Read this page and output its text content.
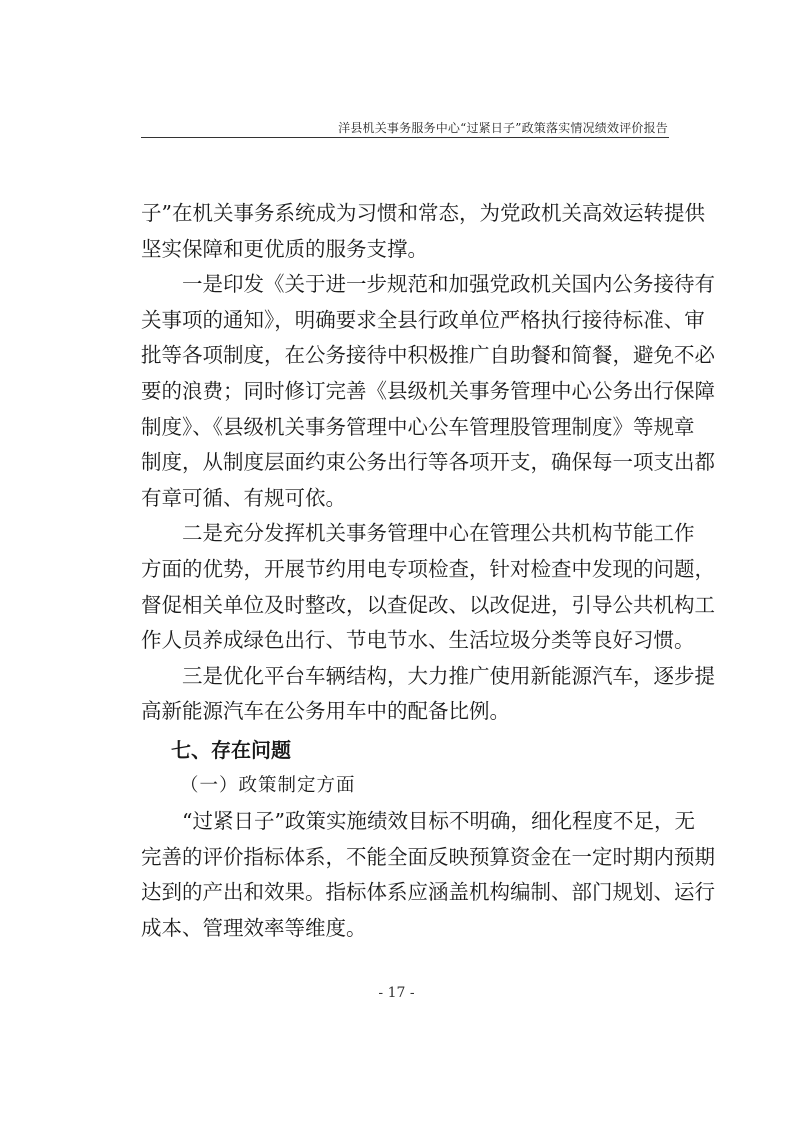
洋县机关事务服务中心“过紧日子”政策落实情况绩效评价报告
子”在机关事务系统成为习惯和常态，为党政机关高效运转提供
坚实保障和更优质的服务支撑。
　　一是印发《关于进一步规范和加强党政机关国内公务接待有
关事项的通知》，明确要求全县行政单位严格执行接待标准、审
批等各项制度，在公务接待中积极推广自助餐和简餐，避免不必
要的浪费；同时修订完善《县级机关事务管理中心公务出行保障
制度》、《县级机关事务管理中心公车管理股管理制度》等规章
制度，从制度层面约束公务出行等各项开支，确保每一项支出都
有章可循、有规可依。
　　二是充分发挥机关事务管理中心在管理公共机构节能工作
方面的优势，开展节约用电专项检查，针对检查中发现的问题，
督促相关单位及时整改，以查促改、以改促进，引导公共机构工
作人员养成绿色出行、节电节水、生活垃圾分类等良好习惯。
　　三是优化平台车辆结构，大力推广使用新能源汽车，逐步提
高新能源汽车在公务用车中的配备比例。
七、存在问题
（一）政策制定方面
　　“过紧日子”政策实施绩效目标不明确，细化程度不足，无
完善的评价指标体系，不能全面反映预算资金在一定时期内预期
达到的产出和效果。指标体系应涵盖机构编制、部门规划、运行
成本、管理效率等维度。
- 17 -
